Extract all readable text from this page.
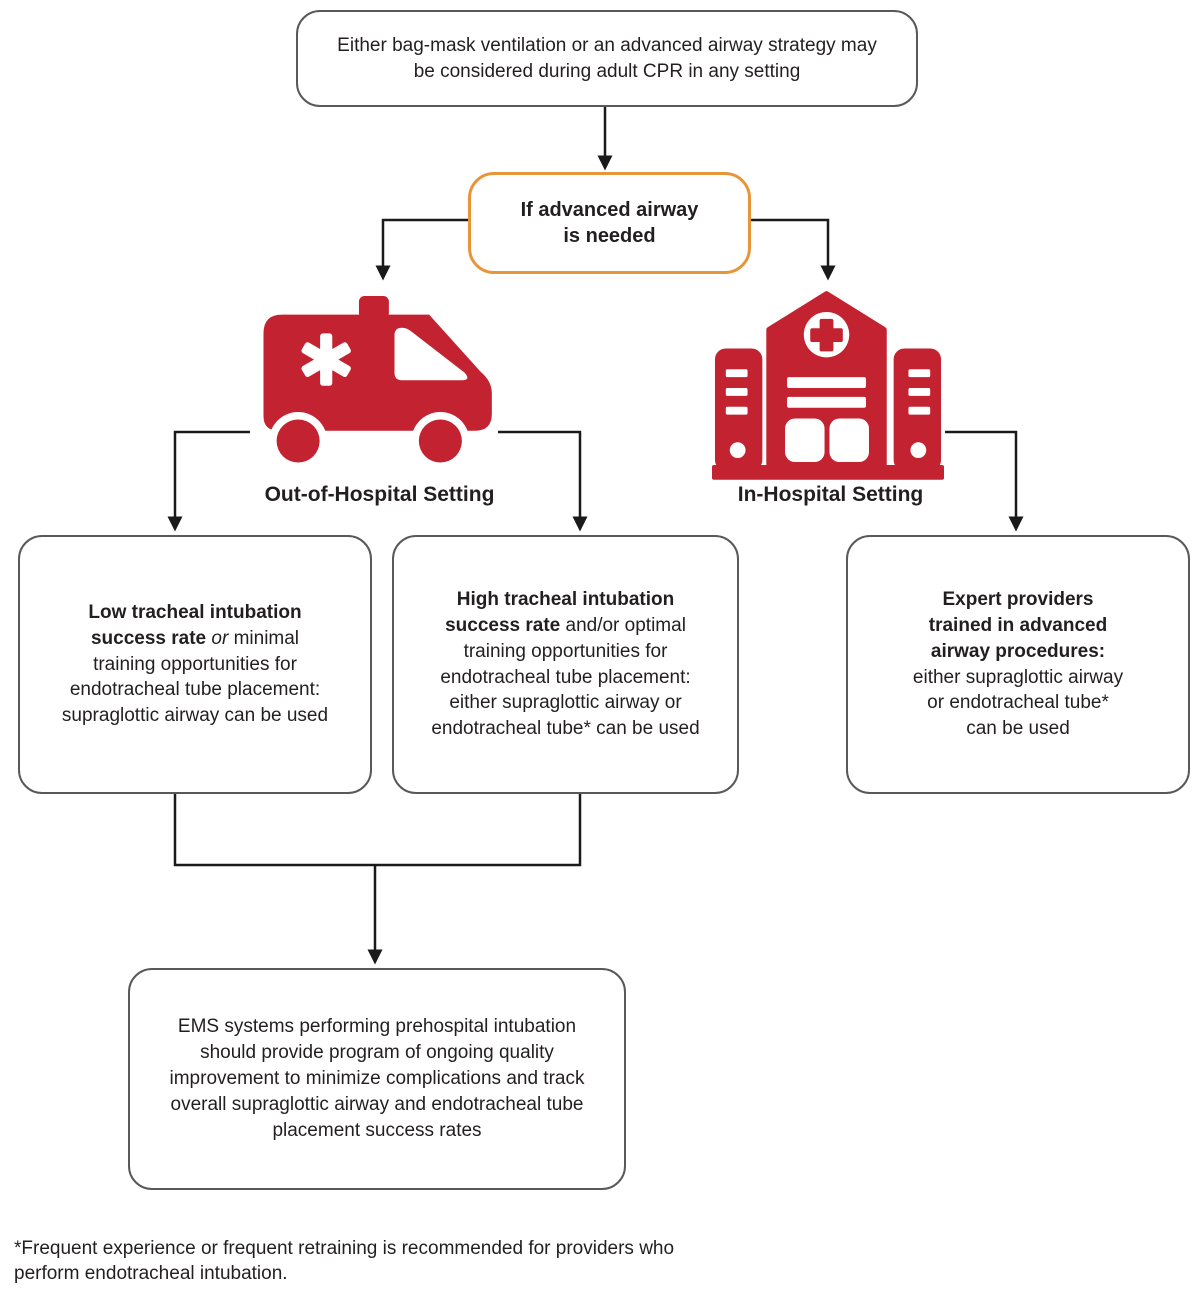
Either bag-mask ventilation or an advanced airway strategy may be considered during adult CPR in any setting

If advanced airway is needed

Out-of-Hospital Setting	In-Hospital Setting

Low tracheal intubation success rate or minimal training opportunities for endotracheal tube placement: supraglottic airway can be used

High tracheal intubation success rate and/or optimal training opportunities for endotracheal tube placement: either supraglottic airway or endotracheal tube* can be used

Expert providers trained in advanced airway procedures: either supraglottic airway or endotracheal tube* can be used

EMS systems performing prehospital intubation should provide program of ongoing quality improvement to minimize complications and track overall supraglottic airway and endotracheal tube placement success rates

*Frequent experience or frequent retraining is recommended for providers who perform endotracheal intubation.
